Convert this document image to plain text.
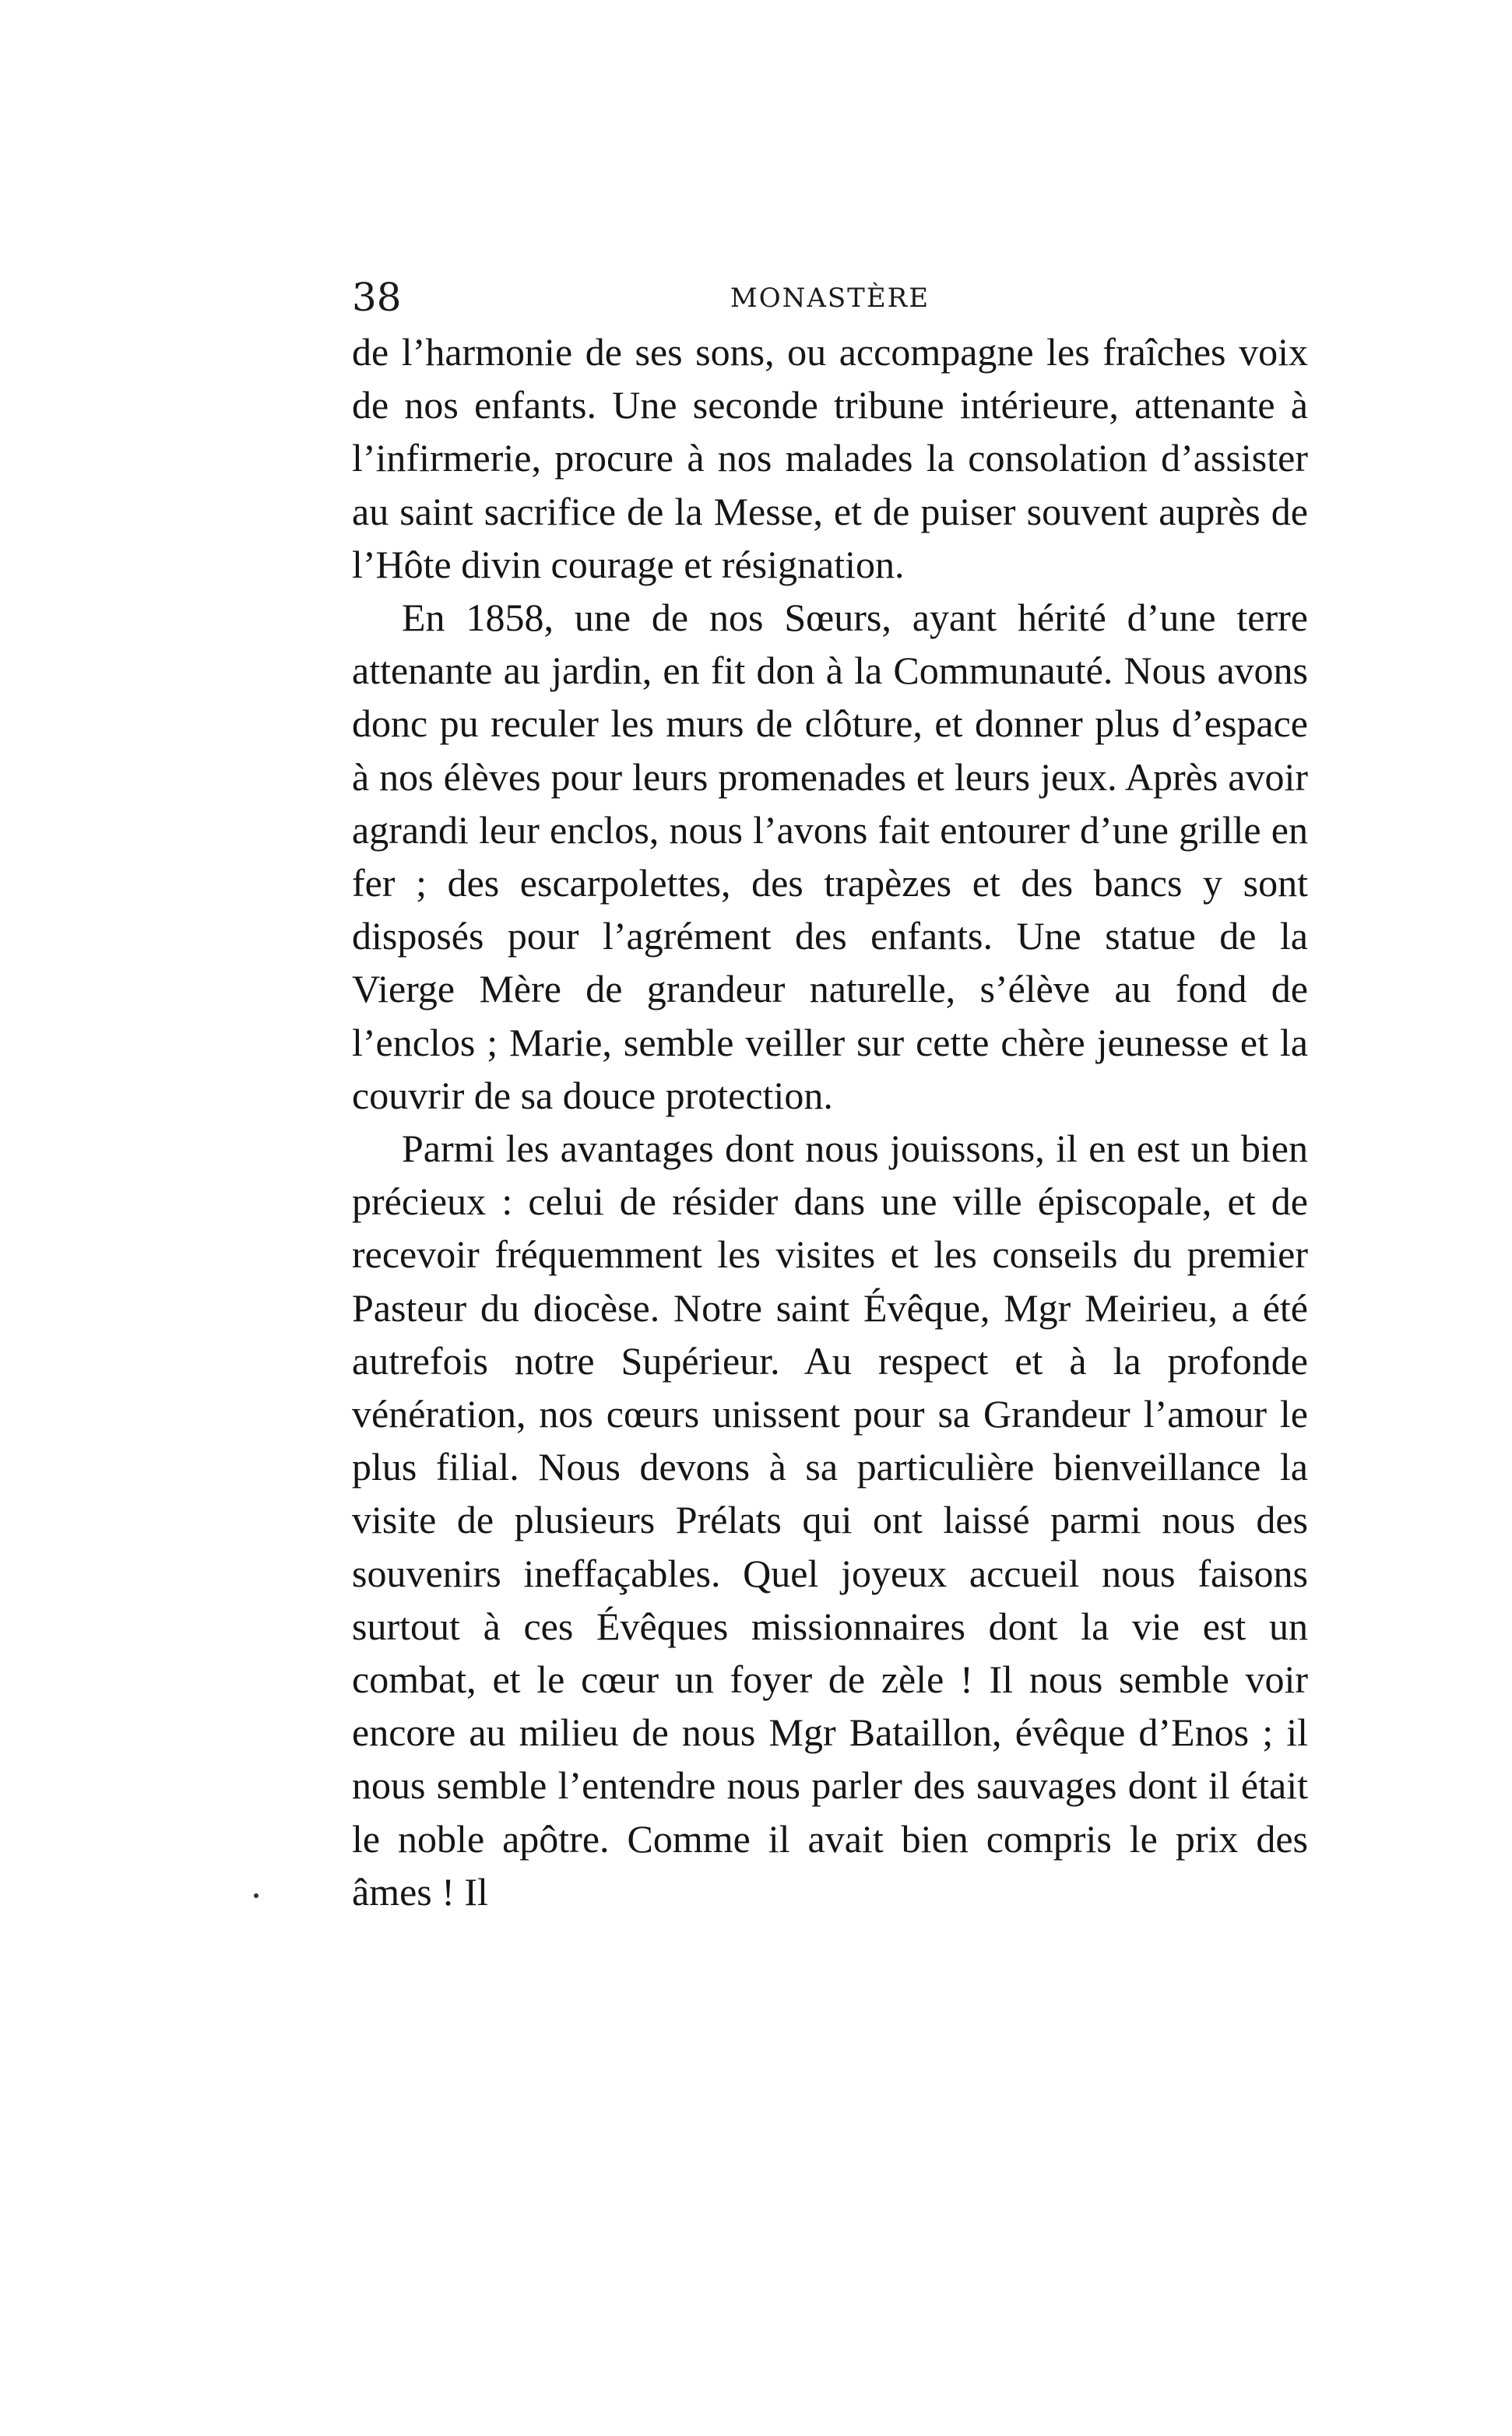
38	MONASTÈRE

de l’harmonie de ses sons, ou accompagne les fraîches voix de nos enfants. Une seconde tribune intérieure, attenante à l’infirmerie, procure à nos malades la consolation d’assister au saint sacrifice de la Messe, et de puiser souvent auprès de l’Hôte divin courage et résignation.

En 1858, une de nos Sœurs, ayant hérité d’une terre attenante au jardin, en fit don à la Communauté. Nous avons donc pu reculer les murs de clôture, et donner plus d’espace à nos élèves pour leurs promenades et leurs jeux. Après avoir agrandi leur enclos, nous l’avons fait entourer d’une grille en fer ; des escarpolettes, des trapèzes et des bancs y sont disposés pour l’agrément des enfants. Une statue de la Vierge Mère de grandeur naturelle, s’élève au fond de l’enclos ; Marie, semble veiller sur cette chère jeunesse et la couvrir de sa douce protection.

Parmi les avantages dont nous jouissons, il en est un bien précieux : celui de résider dans une ville épiscopale, et de recevoir fréquemment les visites et les conseils du premier Pasteur du diocèse. Notre saint Évêque, Mgr Meirieu, a été autrefois notre Supérieur. Au respect et à la profonde vénération, nos cœurs unissent pour sa Grandeur l’amour le plus filial. Nous devons à sa particulière bienveillance la visite de plusieurs Prélats qui ont laissé parmi nous des souvenirs ineffaçables. Quel joyeux accueil nous faisons surtout à ces Évêques missionnaires dont la vie est un combat, et le cœur un foyer de zèle ! Il nous semble voir encore au milieu de nous Mgr Bataillon, évêque d’Enos ; il nous semble l’entendre nous parler des sauvages dont il était le noble apôtre. Comme il avait bien compris le prix des âmes ! Il
